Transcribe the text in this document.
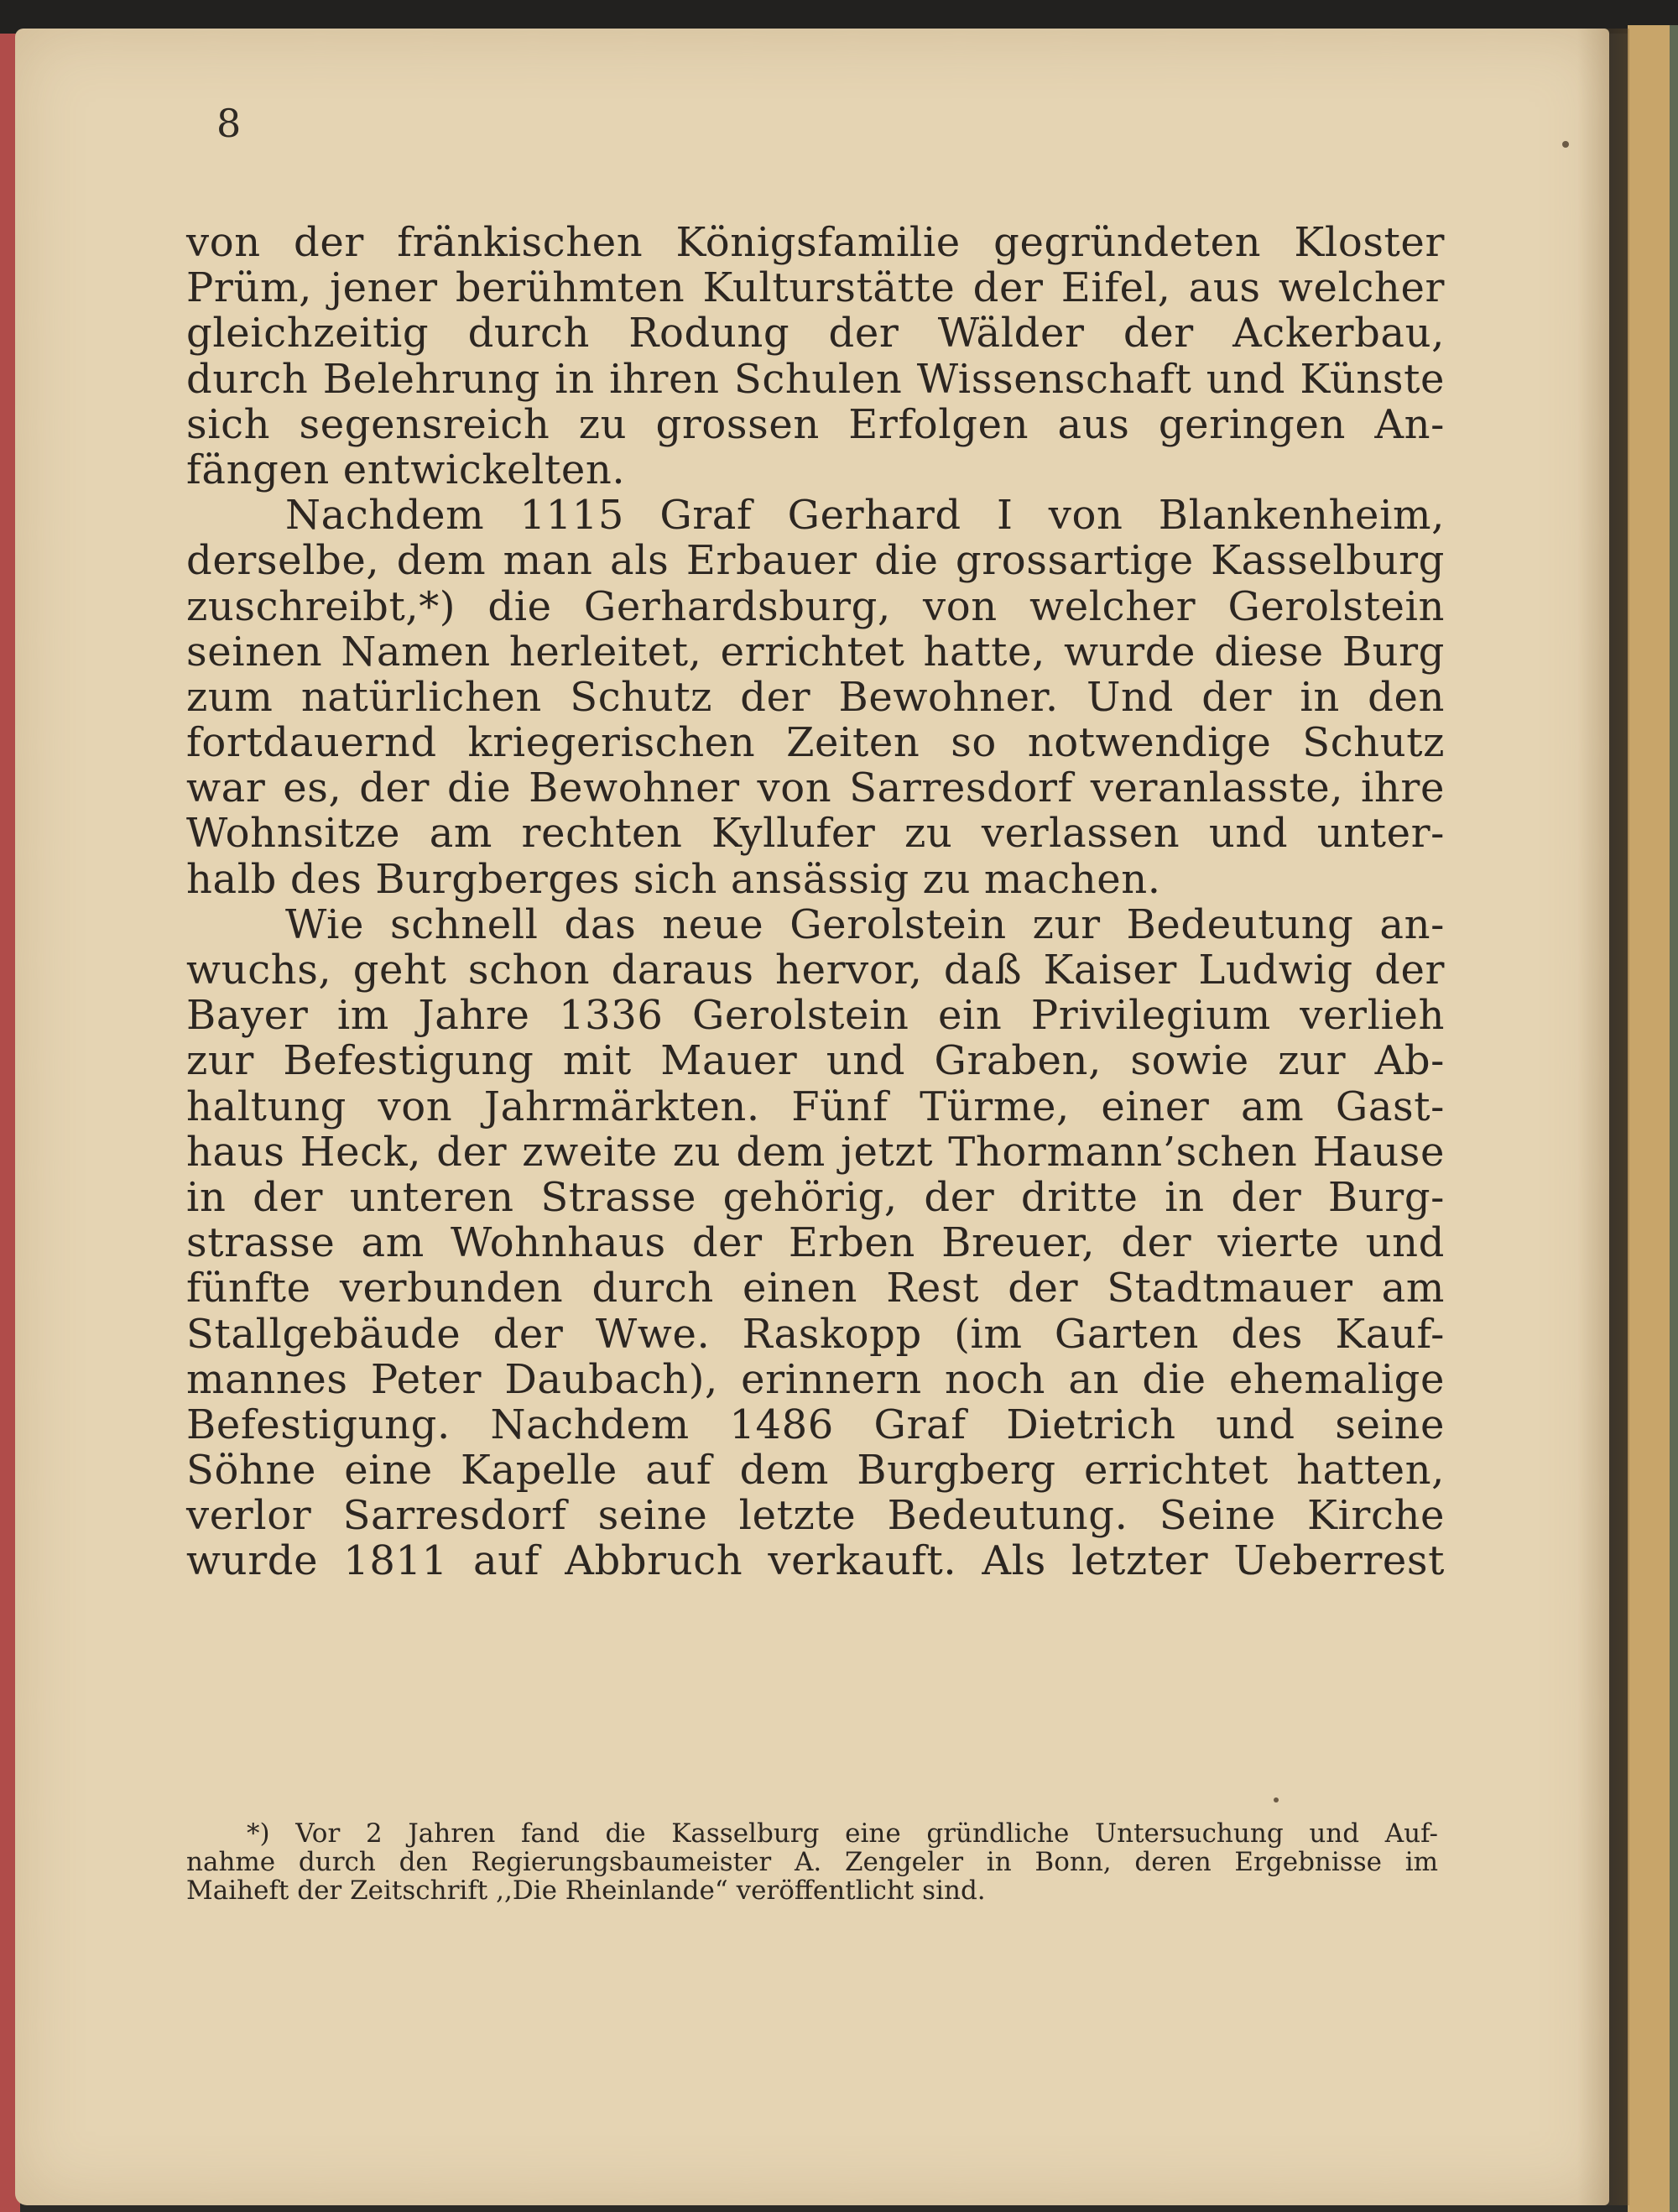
8
von der fränkischen Königsfamilie gegründeten Kloster
Prüm, jener berühmten Kulturstätte der Eifel, aus welcher
gleichzeitig durch Rodung der Wälder der Ackerbau,
durch Belehrung in ihren Schulen Wissenschaft und Künste
sich segensreich zu grossen Erfolgen aus geringen An-
fängen entwickelten.
Nachdem 1115 Graf Gerhard I von Blankenheim,
derselbe, dem man als Erbauer die grossartige Kasselburg
zuschreibt,*) die Gerhardsburg, von welcher Gerolstein
seinen Namen herleitet, errichtet hatte, wurde diese Burg
zum natürlichen Schutz der Bewohner. Und der in den
fortdauernd kriegerischen Zeiten so notwendige Schutz
war es, der die Bewohner von Sarresdorf veranlasste, ihre
Wohnsitze am rechten Kyllufer zu verlassen und unter-
halb des Burgberges sich ansässig zu machen.
Wie schnell das neue Gerolstein zur Bedeutung an-
wuchs, geht schon daraus hervor, daß Kaiser Ludwig der
Bayer im Jahre 1336 Gerolstein ein Privilegium verlieh
zur Befestigung mit Mauer und Graben, sowie zur Ab-
haltung von Jahrmärkten. Fünf Türme, einer am Gast-
haus Heck, der zweite zu dem jetzt Thormann’schen Hause
in der unteren Strasse gehörig, der dritte in der Burg-
strasse am Wohnhaus der Erben Breuer, der vierte und
fünfte verbunden durch einen Rest der Stadtmauer am
Stallgebäude der Wwe. Raskopp (im Garten des Kauf-
mannes Peter Daubach), erinnern noch an die ehemalige
Befestigung. Nachdem 1486 Graf Dietrich und seine
Söhne eine Kapelle auf dem Burgberg errichtet hatten,
verlor Sarresdorf seine letzte Bedeutung. Seine Kirche
wurde 1811 auf Abbruch verkauft. Als letzter Ueberrest
*) Vor 2 Jahren fand die Kasselburg eine gründliche Untersuchung und Auf-
nahme durch den Regierungsbaumeister A. Zengeler in Bonn, deren Ergebnisse im
Maiheft der Zeitschrift ,,Die Rheinlande“ veröffentlicht sind.
